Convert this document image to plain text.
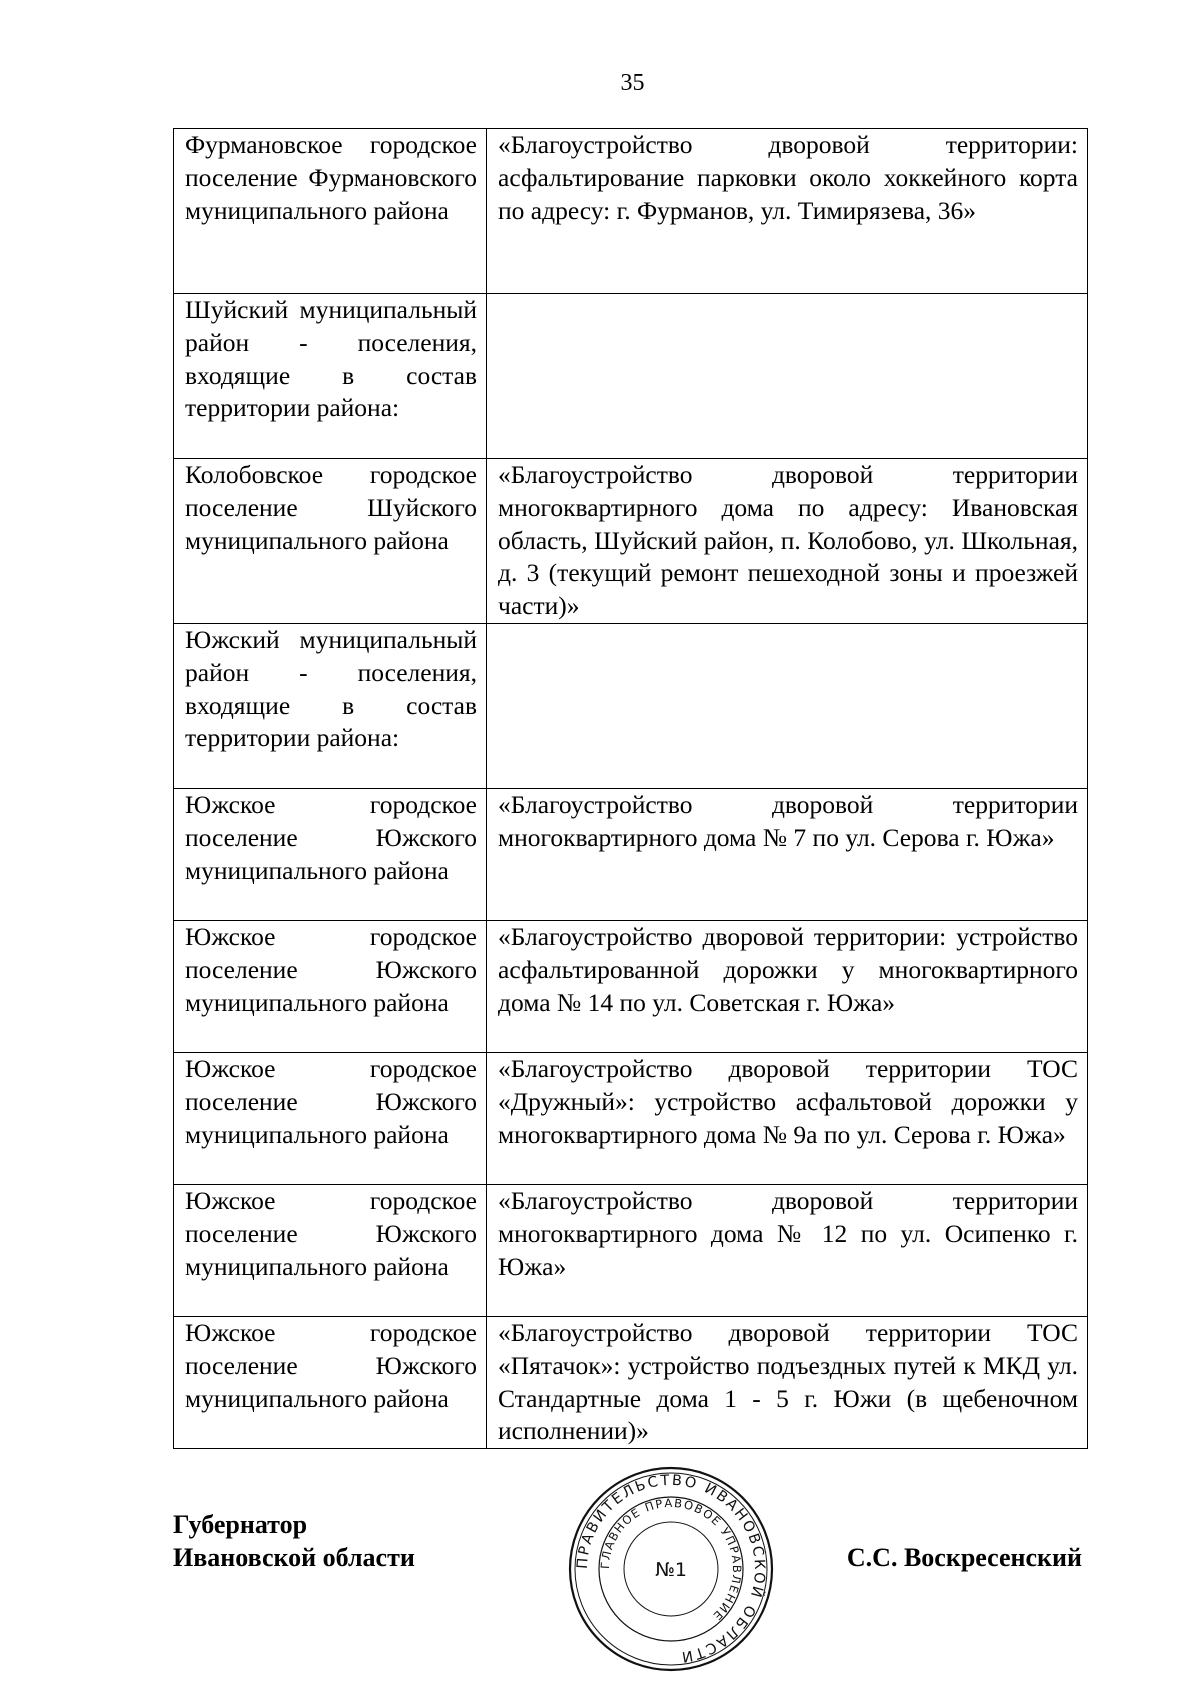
35
Фурмановское городское поселение Фурмановского муниципального района	«Благоустройство дворовой территории: асфальтирование парковки около хоккейного корта по адресу: г. Фурманов, ул. Тимирязева, 36»
Шуйский муниципальный район - поселения, входящие в состав территории района:	
Колобовское городское поселение Шуйского муниципального района	«Благоустройство дворовой территории многоквартирного дома по адресу: Ивановская область, Шуйский район, п. Колобово, ул. Школьная, д. 3 (текущий ремонт пешеходной зоны и проезжей части)»
Южский муниципальный район - поселения, входящие в состав территории района:	
Южское городское поселение Южского муниципального района	«Благоустройство дворовой территории многоквартирного дома № 7 по ул. Серова г. Южа»
Южское городское поселение Южского муниципального района	«Благоустройство дворовой территории: устройство асфальтированной дорожки у многоквартирного дома № 14 по ул. Советская г. Южа»
Южское городское поселение Южского муниципального района	«Благоустройство дворовой территории ТОС «Дружный»: устройство асфальтовой дорожки у многоквартирного дома № 9а по ул. Серова г. Южа»
Южское городское поселение Южского муниципального района	«Благоустройство дворовой территории многоквартирного дома № 12 по ул. Осипенко г. Южа»
Южское городское поселение Южского муниципального района	«Благоустройство дворовой территории ТОС «Пятачок»: устройство подъездных путей к МКД ул. Стандартные дома 1 - 5 г. Южи (в щебеночном исполнении)»
Губернатор
Ивановской области	ПРАВИТЕЛЬСТВО ИВАНОВСКОЙ ОБЛАСТИ
ГЛАВНОЕ ПРАВОВОЕ УПРАВЛЕНИЕ
№1	С.С. Воскресенский
